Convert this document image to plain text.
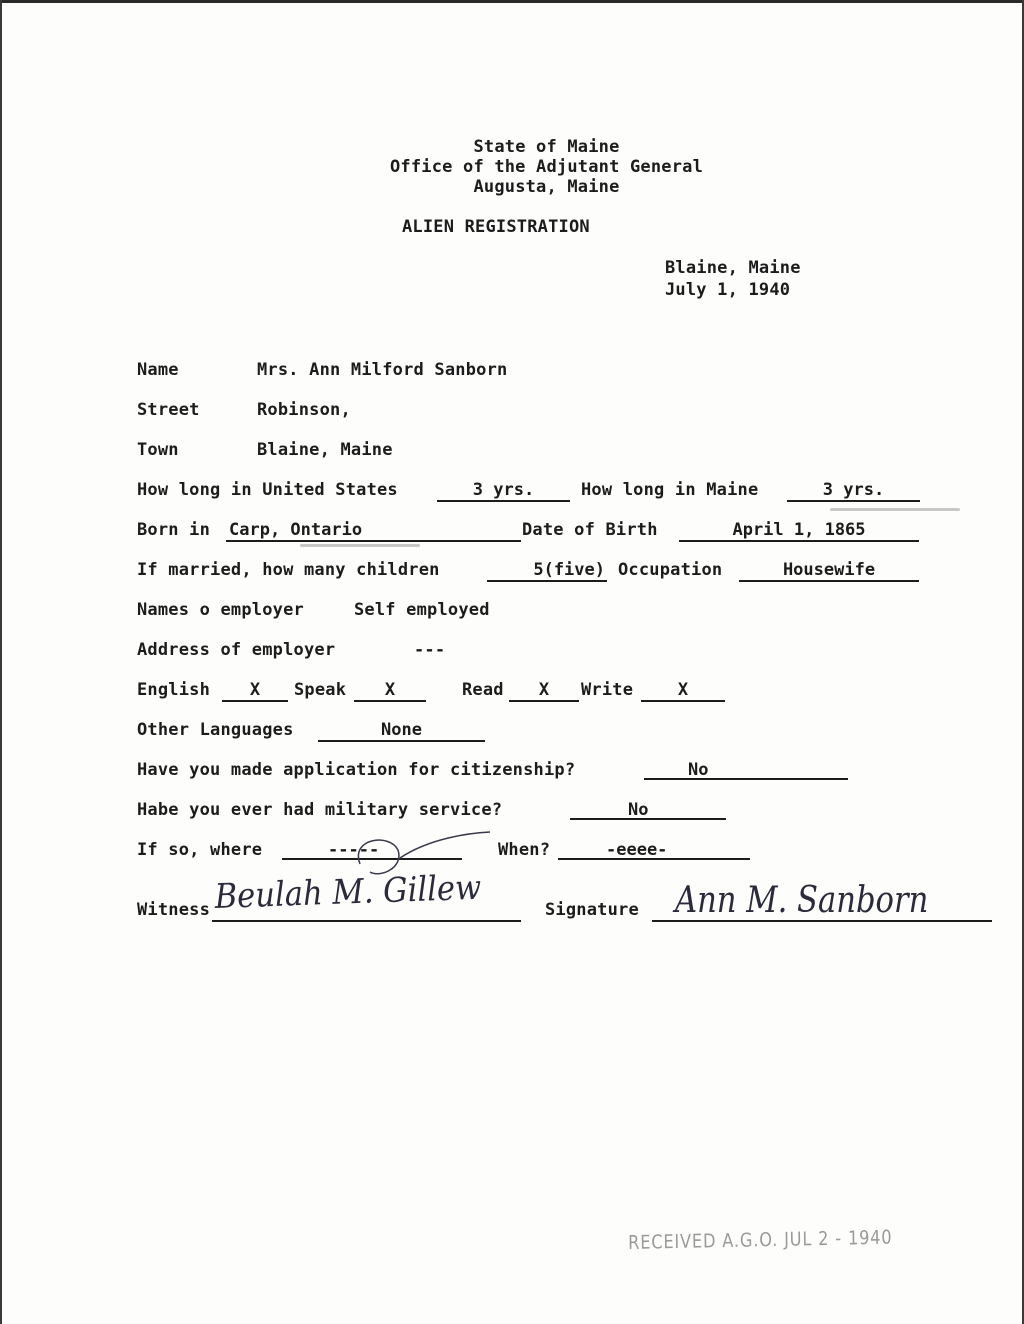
State of Maine
Office of the Adjutant General
Augusta, Maine
ALIEN REGISTRATION
Blaine, Maine
July 1, 1940
Name	Mrs. Ann Milford Sanborn
Street	Robinson,
Town	Blaine, Maine
How long in United States	3 yrs.	How long in Maine	3 yrs.
Born in Carp, Ontario	Date of Birth	April 1, 1865
If married, how many children	5(five) Occupation	Housewife
Names o employer	Self employed
Address of employer	---
English	X	Speak	X	Read	X	Write	X
Other Languages	None
Have you made application for citizenship?	No
Habe you ever had military service?	No
If so, where	-----	When?	-eeee-
Witness Beulah M. Gillew	Signature Ann M. Sanborn
RECEIVED A.G.O. JUL 2 - 1940
